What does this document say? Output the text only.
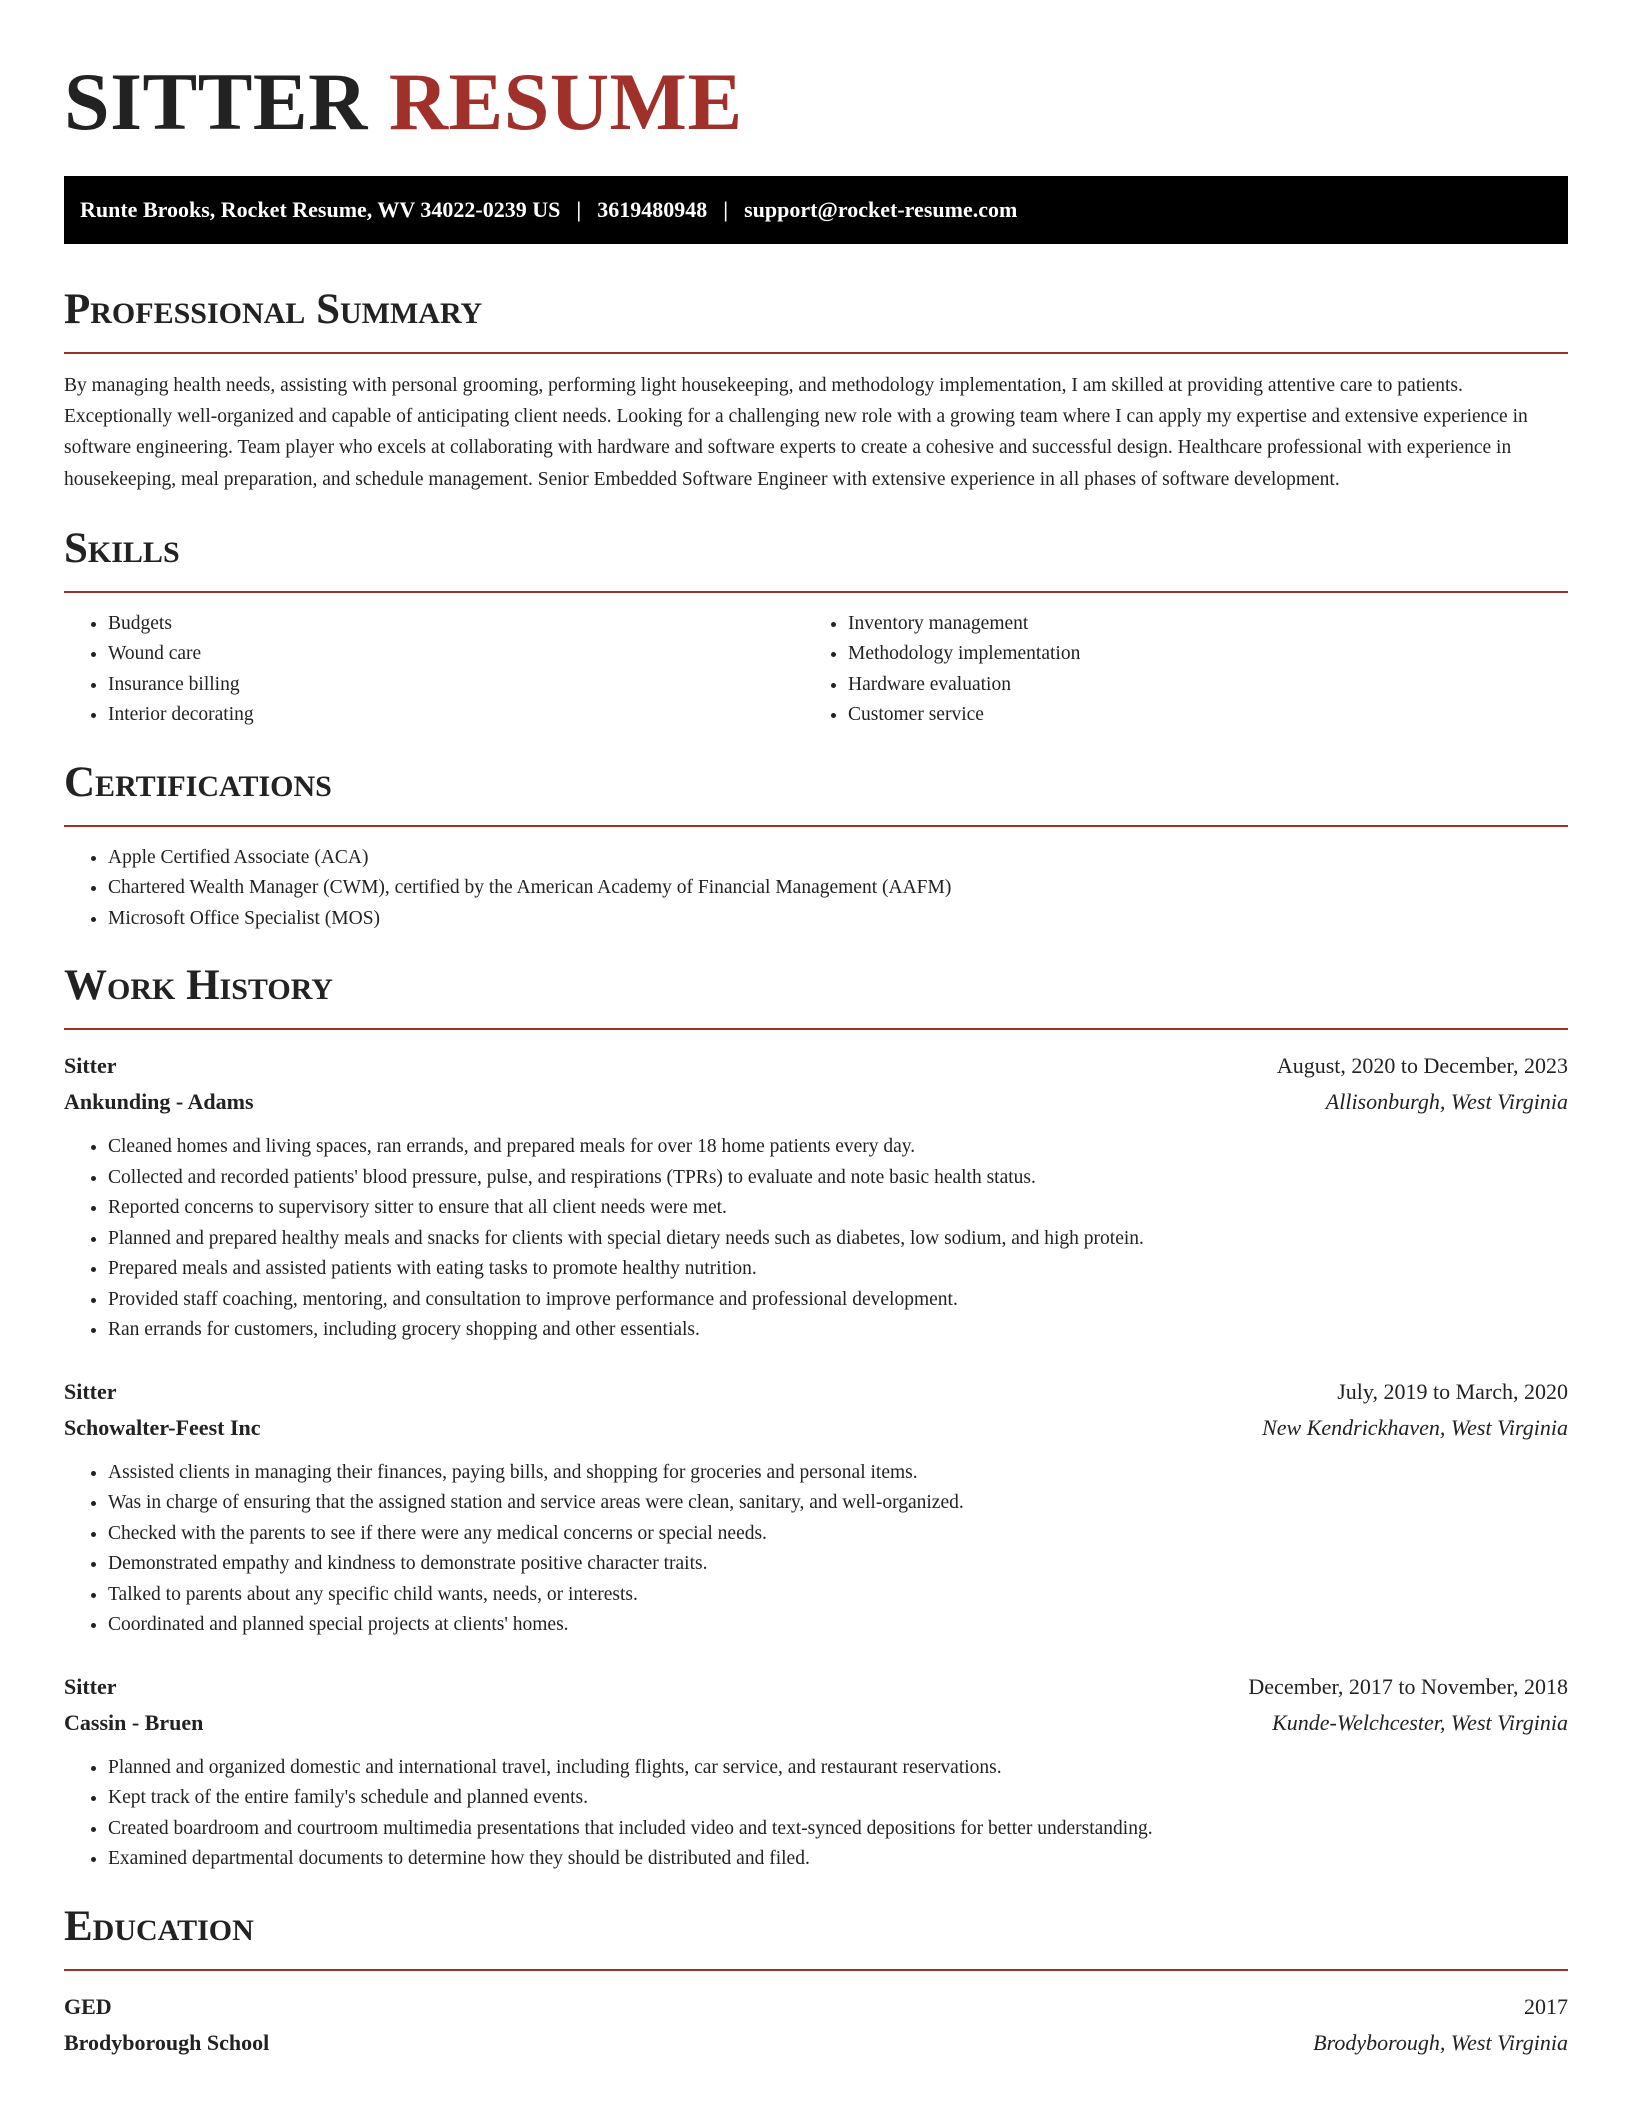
SITTER RESUME
Runte Brooks, Rocket Resume, WV 34022-0239 US | 3619480948 | support@rocket-resume.com
Professional Summary

By managing health needs, assisting with personal grooming, performing light housekeeping, and methodology implementation, I am skilled at providing attentive care to patients. Exceptionally well-organized and capable of anticipating client needs. Looking for a challenging new role with a growing team where I can apply my expertise and extensive experience in software engineering. Team player who excels at collaborating with hardware and software experts to create a cohesive and successful design. Healthcare professional with experience in housekeeping, meal preparation, and schedule management. Senior Embedded Software Engineer with extensive experience in all phases of software development.

Skills
• Budgets
• Wound care
• Insurance billing
• Interior decorating
• Inventory management
• Methodology implementation
• Hardware evaluation
• Customer service
Certifications
• Apple Certified Associate (ACA)
• Chartered Wealth Manager (CWM), certified by the American Academy of Financial Management (AAFM)
• Microsoft Office Specialist (MOS)
Work History
Sitter	August, 2020 to December, 2023
Ankunding - Adams	Allisonburgh, West Virginia
• Cleaned homes and living spaces, ran errands, and prepared meals for over 18 home patients every day.
• Collected and recorded patients' blood pressure, pulse, and respirations (TPRs) to evaluate and note basic health status.
• Reported concerns to supervisory sitter to ensure that all client needs were met.
• Planned and prepared healthy meals and snacks for clients with special dietary needs such as diabetes, low sodium, and high protein.
• Prepared meals and assisted patients with eating tasks to promote healthy nutrition.
• Provided staff coaching, mentoring, and consultation to improve performance and professional development.
• Ran errands for customers, including grocery shopping and other essentials.
Sitter	July, 2019 to March, 2020
Schowalter-Feest Inc	New Kendrickhaven, West Virginia
• Assisted clients in managing their finances, paying bills, and shopping for groceries and personal items.
• Was in charge of ensuring that the assigned station and service areas were clean, sanitary, and well-organized.
• Checked with the parents to see if there were any medical concerns or special needs.
• Demonstrated empathy and kindness to demonstrate positive character traits.
• Talked to parents about any specific child wants, needs, or interests.
• Coordinated and planned special projects at clients' homes.
Sitter	December, 2017 to November, 2018
Cassin - Bruen	Kunde-Welchcester, West Virginia
• Planned and organized domestic and international travel, including flights, car service, and restaurant reservations.
• Kept track of the entire family's schedule and planned events.
• Created boardroom and courtroom multimedia presentations that included video and text-synced depositions for better understanding.
• Examined departmental documents to determine how they should be distributed and filed.
Education
GED	2017
Brodyborough School	Brodyborough, West Virginia
